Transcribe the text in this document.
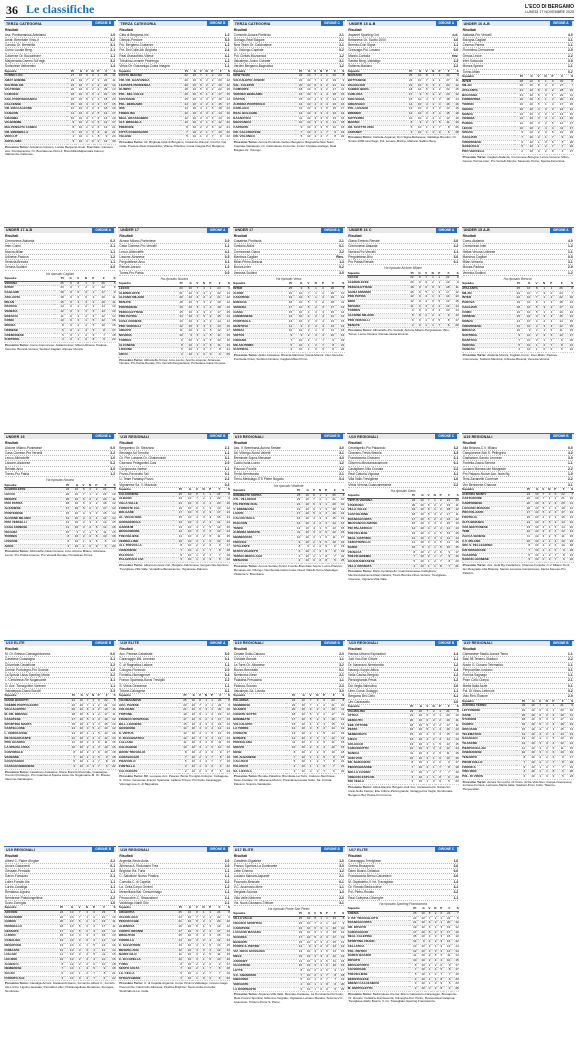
36 Le classifiche	L'ECO DI BERGAMO
LUNEDÌ 17 NOVEMBRE 2025
TERZA CATEGORIA	GIRONE B
Risultati
Ass. Pontiseranica-Antelamo	1-0
Amat. Brembate Vircu-it	5-2
Carvico Or. Brembilla	4-1
Curno Locate Berg.	2-1
Calcense Or. Boccaleone	1-1
Malpensata Cameo Sul'ragh	3-2
Sorisolese Valbrembo	1-4
Squadre	Pt	G	V	N	P	F	S
CURNO LOC.	27	10	9	0	1	25	11
AMAT. BREMB.	23	10	7	2	1	24	11
SOLTESE ER.	22	10	7	1	2	20	10
VALTRUBE	20	10	6	2	2	29	13
CARVICO	18	10	5	3	2	21	15
ASS. PONTISERANICA	16	10	5	1	4	18	20
CALCENSE	15	10	4	3	3	17	15
OR. BOCCALEONE	12	10	3	3	4	18	19
CANAVIN	11	10	3	2	5	14	17
GRAMMA	10	10	3	1	6	14	19
VALBREMB.	9	10	2	3	5	12	17
MALPENSATA CAMEO	8	10	2	2	6	13	21
OR. BREMBILLA	6	10	1	3	6	11	21
VIRCU-IT	4	10	1	1	8	9	24
ANTELAMO	3	10	1	0	9	12	30
Prossimo Turno: Antelamo-Carvico; Locate Bergamo-Amat. Brembate; Canavin-Ass. Pontiseranica; Or. Boccaleone-Vircu-it; Brembilla-Malpensata Cameo; Valbrembo-Calcense.
TERZA CATEGORIA	GIRONE B
Risultati
Città di Bergamo-Iris	1-2
Olimpic-Predore	5-3
Pol. Bergamo-Costanze	1-2
Pol. Del Colle-Alt. Brighela	2-4
Real Grassobbio-Villese	4-1
Tribulina-Levante Pedrenga	1-2
Virtus Or. Gazzaniga-Costa Imagna	1-1
Squadre	Pt	G	V	N	P	F	S
COSTA IMAGNA	22	10	7	1	2	24	11
VIR. OR. GAZZANIGA	20	10	6	2	2	20	12
LEVANTE PEDRENGA	20	10	6	2	2	19	12
OLIMPIC	18	10	5	3	2	22	15
POL. DEL COLLE	16	10	5	1	4	17	15
COSTANZE	15	10	4	3	3	16	14
POL. BERGAMO	14	10	4	2	4	15	17
IRIS	13	10	4	1	5	18	20
TRIBULINA	12	10	3	3	4	14	16
REAL GRASSOBBIO	12	10	3	3	4	13	15
ALT. BRIGHELA	10	10	3	1	6	12	20
PREDORE	8	10	2	2	6	12	21
CITTÀ DI BERGAMO	7	10	2	1	7	10	20
VILLESE	5	10	1	2	7	9	22
Prossimo Turno: Alt. Brighela-Città di Bergamo; Costanze-Olimpic; Iris-Pol. Del Colle; Predore-Real Grassobbio; Villese-Tribulina; Costa Imagna-Pol. Bergamo.
TERZA CATEGORIA	GIRONE C
Risultati
Comonte-Aurora Pontirolo	2-1
Gorlago-Real Bolgare	2-1
New Team-Or. Calcinatese	2-1
Or. Volongo-Capriate	0-2
Pol. Civitas-Mozzanica	1-2
Valcalepio-Junior Cividate	3-1
Verdeo Bergamo-Bagnatica	1-2
Squadre	Pt	G	V	N	P	F	S
NEW TEAM	23	10	7	2	1	20	8
VALCALEPIO JUNIOR	22	10	7	1	2	19	9
VAL. CALEPIO	20	10	6	2	2	21	12
COMONTE	18	10	5	3	2	17	11
VERDEO BERGAMO	16	10	5	1	4	18	15
CIVITAS	15	10	4	3	3	14	13
AURORA PONTIROLO	14	10	4	2	4	16	16
GORLAGO	13	10	4	1	5	15	17
REAL BOLGARE	12	10	3	3	4	12	14
BAGNATICA	11	10	3	2	5	13	16
MOZZANICA	10	10	3	1	6	11	18
CAPRIATE	9	10	2	3	5	10	16
OR. CALCINATESE	7	10	2	1	7	9	19
OR. VOLONGO	5	10	1	2	7	8	22
Prossimo Turno: Aurora Pontirolo-Verdeo Bergamo; Bagnatica-New Team; Capriate-Valcalepio; Or. Calcinatese-Comonte; Junior Cividate-Gorlago; Real Bolgare-Or. Volongo.
UNDER 15 A-B	GIRONE A
Risultati
Aspanet Sporting Out	n.d.
Bettanese-Or. Scotto 2000	4-0
Brembo-Don Signa	1-1
Grezzago-Pol. Lesano	0-0
Marzio-Carluda	rinv.
Sabbio Berg.-Valdaligo	2-3
Sotterra-Mariano	2-2
Squadre	Pt	G	V	N	P	F	S
MARIANO	25	10	8	1	1	30	9
BOTTANESE	23	10	7	2	1	27	11
VALDALIGO	21	10	6	3	1	24	12
SABBIO BERG.	18	10	5	3	2	22	15
CARLUDA	17	9	5	2	2	20	12
DON SIGNA	15	10	4	3	3	18	14
GREZZAGO	14	10	4	2	4	16	16
POL. LESANO	13	10	3	4	3	14	15
BREMBO	12	10	3	3	4	15	18
SOTTERRA	10	10	2	4	4	13	19
MARZIO	8	9	2	2	5	11	19
OR. SCOTTO 2000	5	10	1	2	7	8	26
ASPANET	3	10	1	0	9	6	28
Prossimo Turno: Carluda-Aspanet; Don Signa-Bettanese; Valdaligo-Brembo; Or. Scotto 2000-Grezzago; Pol. Lesano-Marzio; Mariano-Sabbio Berg.
UNDER 16 A-B	GIRONE A
Risultati
Atalanta-Pro Vercelli	4-0
Bologna-Cagliari	3-1
Cesena-Parma	1-1
Fiorentina-Cremonese	2-0
Genoa-Lecce	2-2
Inter-Sassuolo	3-0
Monza-Spezia	1-1
Torino-Milan	0-2
Squadre	Pt	G	V	N	P	F	S
INTER	28	10	9	1	0	30	6
MILAN	26	10	8	2	0	27	7
ATALANTA	24	10	8	0	2	28	10
BOLOGNA	21	10	6	3	1	22	11
FIORENTINA	19	10	6	1	3	20	13
TORINO	16	10	5	1	4	17	15
GENOA	15	10	4	3	3	16	14
MONZA	14	10	4	2	4	15	16
CESENA	12	10	3	3	4	13	16
PARMA	11	10	3	2	5	12	17
LECCE	10	10	2	4	4	11	17
SPEZIA	9	10	2	3	5	10	18
CAGLIARI	7	10	2	1	7	9	21
CREMONESE	6	10	1	3	6	8	20
SASSUOLO	5	10	1	2	7	7	22
PRO VERCELLI	2	10	0	2	8	4	27
Prossimo Turno: Cagliari-Atalanta; Cremonese-Bologna; Lecce-Cesena; Milan-Genoa; Parma-Inter; Pro Vercelli-Monza; Sassuolo-Torino; Spezia-Fiorentina.
UNDER 17 A-B	GIRONE A
Risultati
Cremonese-Atalanta	0-2
Inter-Como	2-1
Monza-Milan	1-1
Udinese-Padova	1-2
Venezia-Brescia	1-1
Verona-Sudtirol	4-0
Ha riposato Cagliari
Squadre	Pt	G	V	N	P	F	S
VERONA	25	9	8	1	0	26	5
INTER	23	9	7	2	0	22	6
CAGLIARI	18	9	5	3	1	17	9
ATALANTA	18	9	6	0	3	19	11
MILAN	15	9	4	3	2	16	11
PADOVA	14	9	4	2	3	14	13
VENEZIA	12	9	3	3	3	13	13
BRESCIA	11	9	3	2	4	12	14
COMO	10	9	3	1	5	12	16
MONZA	8	9	2	2	5	10	16
UDINESE	6	9	1	3	5	8	17
CREMONESE	5	9	1	2	6	7	18
SUDTIROL	3	9	1	0	8	5	22
Prossimo Turno: Como-Cremonese; Atalanta-Inter; Milan-Udinese; Padova-Venezia; Brescia-Verona; Sudtirol-Cagliari. Riposa: Monza.
UNDER 17	GIRONE A
Risultati
Alzano Milano-Pontedese	2-0
Casa Cionese-Pro Vercelli	1-1
Lecco-Albinoleffe	4-1
Lissone-Alzanese	0-3
Pergolettese-Arco	3-1
Renate-Arezzo	1-2
Torres-Pro Patria	0-0
Ha riposato Novara
Squadre	Pt	G	V	N	P	F	S
LECCO	23	10	7	2	1	24	9
ALBINOLEFFE	21	10	6	3	1	22	11
ALZANO MILANO	20	10	6	2	2	21	12
RENATE	18	10	5	3	2	19	12
PONTEDESE	16	10	5	1	4	18	16
PERGOLETTESE	15	10	4	3	3	17	15
PRO PATRIA	14	10	3	5	2	15	13
CASA CIONESE	13	10	3	4	3	14	14
PRO VERCELLI	12	10	3	3	4	13	15
AREZZO	11	10	3	2	5	12	17
NOVARA	10	9	3	1	5	11	15
TORRES	9	10	2	3	5	10	16
ALZANESE	8	10	2	2	6	11	19
LISSONE	5	10	1	2	7	8	21
ARCO	3	10	1	0	9	6	25
Prossimo Turno: Albinoleffe-Torres; Arco-Lecco; Arezzo-Lissone; Alzanese-Novara; Pro Patria-Renate; Pro Vercelli-Pergolettese; Pontedese-Casa Cionese.
UNDER 17	GIRONE A
Risultati
Casatese-Pontisola	2-1
Cimiano-Aldini	0-1
Cremonese-Giana	2-2
Mantova-Caglian	Rinv.
Milan Primo-Brescia	1-3
Monza-Inter	0-2
Venezia-Sudtirol	3-0
Ha riposato Virtus
Squadre	Pt	G	V	N	P	F	S
INTER	25	9	8	1	0	26	5
ALDINI	22	10	7	1	2	20	10
CASATESE	19	10	6	1	3	19	12
BRESCIA	18	10	5	3	2	18	11
VENEZIA	17	10	5	2	3	17	12
GIANA	15	10	4	3	3	15	14
CREMONESE	14	10	4	2	4	14	14
PONTISOLA	12	10	3	3	4	13	15
MANTOVA	11	9	3	2	4	12	14
MONZA	10	10	3	1	6	11	16
VIRTUS	9	9	2	3	4	10	14
CIMIANO	7	10	2	1	7	9	19
MILAN PRIMO	5	10	1	2	7	8	21
SUDTIROL	3	10	1	0	9	6	24
Prossimo Turno: Aldini-Casatese; Brescia-Mantova; Giana-Monza; Inter-Venezia; Pontisola-Virtus; Sudtirol-Cimiano; Caglian-Milan Primo.
UNDER 16 C	GIRONE A
Risultati
Giana Erminio-Renate	3-0
Cremonese-Atalanta	2-2
Novara-Pro Vercelli	2-1
Pergolettese-Brio	3-0
Pro Patria-Renate	0-1
Ha riposato Alcione Milano
Squadre	Pt	G	V	N	P	F	S
LECCO	22	9	7	1	1	22	8
ALBINOLEFFE	20	9	6	2	1	19	9
PERGOLETTESE	18	9	6	0	3	18	11
GIANA ERMINIO	16	9	5	1	3	17	12
PRO PATRIA	13	9	4	1	4	14	13
BRIO	12	9	4	0	5	13	15
NOVARA	11	9	3	2	4	12	14
TORRES	9	9	2	3	4	10	14
ALCIONE MILANO	8	8	2	2	4	9	13
PRO VERCELLI	6	9	1	3	5	8	17
RENATE	4	9	1	1	7	6	20
Prossimo Turno: Albinoleffe-Pro Vercelli; Alcione Milano-Pergolettese; Brio-Torres; Lecco-Novara; Renate-Giana Erminio.
UNDER 15 A-B	GIRONE A
Risultati
Como-Atalanta	4-0
Cremonese-Inter	1-2
Hellas Verona-Udinese	1-1
Mantova-Cagliari	0-0
Milan-Venezia	3-1
Monza-Padova	2-0
Venezia-Sudtirol	1-2
Ha riposato Brescia
Squadre	Pt	G	V	N	P	F	S
ATALANTA	25	10	8	1	1	26	8
MILAN	24	10	7	3	0	24	7
INTER	22	10	7	1	2	22	10
PADOVA	19	10	6	1	3	18	12
CAGLIARI	18	10	5	3	2	17	11
COMO	16	10	5	1	4	16	14
UDINESE	15	10	4	3	3	15	13
MONZA	14	10	4	2	4	14	15
CREMONESE	12	10	3	3	4	12	15
BRESCIA	10	9	3	1	5	11	15
SUDTIROL	9	10	2	3	5	10	17
MANTOVA	7	10	2	1	7	9	20
VERONA	5	10	1	2	7	8	21
VENEZIA	3	10	1	0	9	6	24
Prossimo Turno: Atalanta-Monza; Cagliari-Como; Inter-Milan; Padova-Cremonese; Sudtirol-Mantova; Udinese-Brescia; Venezia-Verona.
UNDER 15	GIRONE A
Risultati
Alcione Milano-Pontedese	0-0
Casa Cionese-Pro Vercelli	2-2
Lecco-Albinoleffe	1-0
Lissone-Alzanese	0-2
Renate-Arco	3-0
Torres-Pro Patria	1-2
Ha riposato Novara
Squadre	Pt	G	V	N	P	F	S
ALBINOLEFFE	24	10	8	0	2	24	9
LECCO	22	10	7	1	2	22	10
RENATE	20	10	6	2	2	20	11
PRO PATRIA	18	10	5	3	2	18	12
ALZANESE	17	10	5	2	3	17	13
PONTEDESE	15	10	4	3	3	15	13
ALCIONE MILANO	14	10	4	2	4	14	14
PRO VERCELLI	12	10	3	3	4	13	15
CASA CIONESE	11	10	3	2	5	12	16
NOVARA	10	9	3	1	5	11	15
TORRES	8	10	2	2	6	10	18
LISSONE	6	10	1	3	6	8	19
ARCO	3	10	1	0	9	6	24
Prossimo Turno: Albinoleffe-Casa Cionese; Arco-Alcione Milano; Alzanese-Lecco; Pro Patria-Lissone; Pro Vercelli-Renate; Pontedese-Torres.
U15 REGIONALI	GIRONE B
Risultati
Bergamino Or. Stezzano	2-1
Besnago Ad Trevolla	1-1
Or. Pier Luisane-Or. Ghalaroniati	3-1
Ciserano Pelagantini-Casi	2-0
Gorgonzola-Varese	1-1
Pozzo-Pavorotto Tali	0-1
U. Team Fantasy-Pozzo	2-2
Vignanese Sa. V. Mazzola	0-4
Squadre	Pt	G	V	N	P	F	S
CALCIONESE	25	10	8	1	1	24	8
ALBANO	23	10	7	2	1	22	9
VILLA VALLE	21	10	6	3	1	20	10
FORESTE CAL.	19	10	6	1	3	19	12
BOLGARE	17	10	5	2	3	17	13
AL. VEGIA NOD.	15	10	4	3	3	15	13
GORGONZOLA	14	10	4	2	4	14	14
GARNIUM	13	10	4	1	5	13	15
BESSANENSE	12	10	3	3	4	12	14
TREVIGLIESE	11	10	3	2	5	11	15
VERDELLINO	10	10	3	1	6	10	16
ALL TREVOLLA	8	10	2	2	6	9	17
VIGNANESE	7	10	2	1	7	8	18
PALOSCO	5	10	1	2	7	7	19
PALAZZOLO LIVI	3	10	1	0	9	6	22
Prossimo Turno: Albano-Foreste Cal.; Bolgare-Calcionese; Gorgonzola-Garnium; Trevigliese-Villa Valle; Verdellino-Bessanense; Vignanese-Palosco.
U19 REGIONALI	GIRONE B
Risultati
Ass. V. Brembana-Aurora Seriate	3-0
Atl. Villongo-Nuovi Valretti	3-1
Brembate Sopra-Menasse	4-0
Calcio Isola-Luzzo	1-2
Piaccon-Fnocile	3-2
Tenisi-Nemborata	2-1
Terno-Medolago-ITS Pietre Nugolio	0-4
Ha riposato Vitalente
Squadre	Pt	G	V	N	P	F	S
BREMBATE SOPRA	25	10	8	1	1	25	8
ATL. VILLONGO	23	10	7	2	1	21	10
ITS PIETRE NUG.	21	10	6	3	1	20	10
V. BREMBANA	19	10	6	1	3	18	12
LUZZO	17	10	5	2	3	16	12
CALCIO ISOLA	15	10	4	3	3	15	13
PIACCON	14	10	4	2	4	14	14
TENISI	13	10	4	1	5	13	15
AURORA SERIATE	11	10	3	2	5	12	16
NEMBORATA	10	10	3	1	6	11	17
FNOCILE	9	10	2	3	5	10	16
VITALENTE	8	9	2	2	5	9	15
NUOVI VALRETTI	6	10	1	3	6	8	19
TERNO MEDOLAGO	4	10	1	1	8	7	22
MENASSE	2	10	0	2	8	5	25
Prossimo Turno: Aurora Seriate-Tenisi; Fnocile-Brembate Sopra; Luzzo-Piaccon; Menasse-Atl. Villongo; Nemborata-Calcio Isola; Nuovi Valretti-Terno Medolago; Vitalente-V. Brembana.
U19 REGIONALI	GIRONE C
Risultati
Ceratispello-Pio Palazzolo	3-2
Ciserano-Trevis Bremia	3-3
Franciacorta-Ciserano	2-1
Ciliverno-Mezzanzacamune	0-1
Castiglione-Villa Cronata	2-2
Real Ciatoria-Vignaca	3-1
Villa Valle-Trevigliese	1-0
Virtus Verona-Guanzanessese	2-2
Ha riposato Dario
Squadre	Pt	G	V	N	P	F	S
VIRTUS VERONA	22	10	7	1	2	21	10
CISERANO	20	10	6	2	2	19	11
VILLA VALLE	19	10	6	1	3	18	12
CASTIGLIONE	18	10	5	3	2	17	11
FRANCIACORTA	17	10	5	2	3	16	12
MEZZANZACAMUNE	15	10	4	3	3	15	13
PIO PALAZZOLO	14	10	4	2	4	14	14
TREVIGLIESE	13	10	4	1	5	13	15
REAL CIATORIA	12	10	3	3	4	12	14
CERATISPELLO	11	10	3	2	5	11	15
DARIO	10	9	3	1	5	10	15
VIGNACA	8	10	2	2	6	9	17
TREVIS BREMIA	7	10	2	1	7	9	19
GUANZANESSESE	5	10	1	2	7	8	20
VILLA CRONATA	4	10	1	1	8	7	21
Prossimo Turno: Dario-Ceratispello; Guanzanessese-Castiglione; Mezzanzacamune-Real Ciatoria; Trevis Bremia-Virtus Verona; Trevigliese-Ciserano; Vignaca-Villa Valle.
U19 REGIONALI	GIRONE B
Risultati
Alta Brianza-C.V. Milano	0-0
Campionese-Sdc S. Pellegrino	4-2
Castiadore-Sancio Leonese	3-0
Fontelia-Zacca Senese	1-1
Luciano Manara-Ian Mosgrade	2-2
Pro Palazzo-Nuove Acc. Isola Bg	1-0
Temi-Zavanelle Correnze	2-2
Vox Bertonese-Charose	3-1
Squadre	Pt	G	V	N	P	F	S
AURORA MONTI	24	10	7	3	0	22	7
CASTIADORE	22	10	7	1	2	21	10
CAMPIONESE	20	10	6	2	2	20	11
LUCIANO MANARA	18	10	5	3	2	18	12
PRO PALAZZO	17	10	5	2	3	17	13
FONTELIA	15	10	4	3	3	15	13
ALTA BRIANZA	14	10	3	5	2	14	12
VOX BERTONESE	13	10	4	1	5	14	16
TEMI	12	10	3	3	4	12	14
ZACCA SENESE	11	10	3	2	5	11	15
C.V. MILANO	10	10	2	4	4	10	15
SDC S. PELLEGRINO	8	10	2	2	6	10	18
IAN MOSGRADE	7	10	1	4	5	9	18
CHAROSE	5	10	1	2	7	8	21
SANCIO LEONESE	3	10	0	3	7	6	22
Prossimo Turno: Ass. Isola Bg-Castiadore; Charose-Fontelia; C.V. Milano-Temi; Ian Mosgrade-Alta Brianza; Sancio Leonese-Campionese; Zacca Senese-Pro Palazzo.
U19 ELITE	GIRONE B
Risultati
M. Or. Bresso-Cassagobbonese	0-0
Casatese-Guastagno	2-1
Chivoriale-Castellone	2-2
Cremin Portolegro-Pro Guarda	1-2
La Spezia Lissa-Sporting Marta	2-2
L. Ceriolesse-Re Nugaruante	3-1
O. Ave. Tornagobbe-Varenne	1-1
Valcaleppio-Diano Borotti	2-3
Squadre	Pt	G	V	N	P	F	S
DIANO BOROTTI	24	10	7	3	0	22	8
CREMIN PORTOLEGRO	22	10	7	1	2	21	10
VALCALEPPIO	20	10	6	2	2	19	11
M. OR. BRESSO	18	10	5	3	2	17	11
CASATESE	17	10	5	2	3	16	12
SPORTING MARTA	15	10	4	3	3	15	13
CASTELLONE	14	10	3	5	2	14	12
L. CERIOLESSE	13	10	4	1	5	14	16
RE NUGARUANTE	12	10	3	3	4	12	14
PRO GUARDA	11	10	3	2	5	11	15
LA SPEZIA LISSA	10	10	2	4	4	10	15
CHIVORIALE	8	10	2	2	6	10	18
VARENNE	7	10	1	4	5	9	18
GUASTAGNO	5	10	1	2	7	8	21
CASSAGOBBONESE	3	10	0	3	7	6	22
Prossimo Turno: Castellone-Casatese; Diano Borotti-Chivoriale; Guastagno-Cremin Portolegro; Pro Guarda-La Spezia Lissa; Re Nugaruante-M. Or. Bresso; Varenne-Valcaleppio.
U19 ELITE	GIRONE A
Risultati
Acc. Pavese-Calvairate	3-0
Caravaggio-Bill. Leonese	0-1
C. di Bagnatica-Lallana	1-1
Cologno-Pozzuolo	2-0
Fontella-Vilomagnove	0-4
Franco Spartana-Bonsi Trevigliò	2-2
S. Virtus-Gessense	1-1
Tritone-Calvagese	3-1
Squadre	Pt	G	V	N	P	F	S
VILOMAGNOVE	25	10	8	1	1	26	8
ACC. PAVESE	23	10	7	2	1	22	9
COLOGNO	21	10	6	3	1	20	10
TRITONE	19	10	6	1	3	19	12
FRANCO SPARTANA	17	10	5	2	3	17	13
BILL. LEONESE	15	10	4	3	3	15	13
GESSENSE	14	10	4	2	4	14	14
S. VIRTUS	13	10	4	1	5	13	15
C. DI BAGNATICA	12	10	3	3	4	12	14
LALLANA	11	10	3	2	5	11	15
CALVAGESE	10	10	3	1	6	10	16
BONSI TREVIGLIÒ	8	10	2	2	6	9	17
CARAVAGGIO	7	10	2	1	7	8	18
POZZUOLO	5	10	1	2	7	7	19
FONTELLA	3	10	1	0	9	6	22
CALVAIRATE	2	10	0	2	8	5	24
Prossimo Turno: Bill. Leonese-Acc. Pavese; Bonsi Trevigliò-Cologno; Calvagese-S. Virtus; Gessense-Franco Spartana; Lallana-Tritone; Pozzuolo-Caravaggio; Vilomagnove-C. di Bagnatica.
U19 REGIONALI	GIRONE B
Risultati
Cenate Sotto-Calusco	2-0
Cividate-Bonate	1-1
La Torre-Or. Albanese	3-2
Mozzo-Brembate	0-1
Nembrese-Nese	2-1
Paladina-Presolana	1-1
Palosco-Scanzo	2-3
Valcalepio-Sa. Lizzola	3-0
Squadre	Pt	G	V	N	P	F	S
PALADINA	24	10	7	3	0	23	8
NEMBRESE	22	10	7	1	2	21	10
SCANZO	20	10	6	2	2	19	11
CENATE SOTTO	18	10	5	3	2	17	11
BREMBATE	17	10	5	2	3	16	12
VALCALEPIO	15	10	4	3	3	15	13
LA TORRE	14	10	3	5	2	14	12
CIVIDATE	13	10	4	1	5	14	16
BONATE	12	10	3	3	4	12	14
PRESOLANA	11	10	3	2	5	11	15
MOZZO	10	10	2	4	4	10	15
NESE	8	10	2	2	6	10	18
OR. ALBANESE	7	10	1	4	5	9	18
CALUSCO	5	10	1	2	7	8	21
PALOSCO	4	10	1	1	8	7	21
SA. LIZZOLA	3	10	0	3	7	6	22
Prossimo Turno: Bonate-Paladina; Brembate-La Torre; Calusco-Nembrese; Nese-Cividate; Or. Albanese-Mozzo; Presolana-Cenate Sotto; Sa. Lizzola-Palosco; Scanzo-Valcalepio.
U19 REGIONALI	GIRONE B
Risultati
Ranica-Urbano Esploratori	1-4
Jodi Voo-Ebe Cittore	1-1
Dr. Naranzzo-Nemborata	1-2
Naranjo Soppo-Attica	1-4
Nolla Casino-Berguto	1-2
Pierzogrande-Pesta	1-2
Doi Vegla-Valmulina	2-0
Unrn-Corse-Gulaggo	1-1
Bergamo Bel-Cielo	4-1
Unr-Carassotto	3-0
Squadre	Pt	G	V	N	P	F	S
VALMULINA	23	10	7	2	1	21	9
ATTICA	21	10	6	3	1	20	10
BERGUTO	20	10	6	2	2	19	11
EBE CITTORE	18	10	5	3	2	17	11
PESTA	16	10	5	1	4	16	13
NEMBORATA	15	10	4	3	3	15	13
CIELO	14	10	4	2	4	14	14
GULAGGO	13	10	4	1	5	13	15
CARASSOTTO	12	10	3	3	4	12	14
RANICA	11	10	3	2	5	11	15
JODI VOO	10	10	3	1	6	10	16
DR. NARANZZO	8	10	2	2	6	9	17
PIERZOGRANDE	7	10	2	1	7	8	18
NOLLA CASINO	5	10	1	2	7	7	19
URBANO ESPLOR.	4	10	1	1	8	6	20
DOI VEGLA	3	10	1	0	9	5	23
Prossimo Turno: Attica-Ranica; Berguto-Jodi Voo; Carassotto-Dr. Naranzzo; Cielo-Nolla Casino; Ebe Cittore-Pierzogrande; Gulaggo-Doi Vegla; Nemborata-Bergamo Bel; Pesta-Unrn-Corse.
U19 REGIONALI	GIRONE B
Risultati
Ciseranese Stadio-Aurora Terno	1-1
Bas/ 98 Tenarro-Stadioni	2-2
Nuoto G. Cusano Telematico	1-1
Pierpocellan-Iorciano	3-1
Fornica Sagnago	1-1
Prom Collo Ciarpa	2-1
Martis Italia Azzie	0-1
Pol. Di Vinus-Lettrnore	0-2
Vidu Ren-Tilascre	2-0
Squadre	Pt	G	V	N	P	F	S
AURORA TERNO	23	10	7	2	1	21	9
LETTRNORE	21	10	6	3	1	20	10
AZZIE	20	10	6	2	2	19	11
STADIONI	18	10	5	3	2	17	11
CIARPA	16	10	5	1	4	16	13
IORCIANO	15	10	4	3	3	15	13
TELEMATICO	14	10	4	2	4	14	14
SAGNAGO	13	10	4	1	5	13	15
TILASCRE	12	10	3	3	4	12	14
PIERPOCELLAN	11	10	3	2	5	11	15
CISERANESE	10	10	3	1	6	10	16
TENARRO	8	10	2	2	6	9	17
PROM COLLO	7	10	2	1	7	8	18
FORNICA	5	10	1	2	7	7	19
VIDU REN	4	10	1	1	8	6	20
POL. DI VINUS	3	10	1	0	9	5	23
Prossimo Turno: Aurora Terno-Pol. Di Vinus; Azzie-Vidu Ren; Ciarpa-Ciseranese; Iorciano-Fornica; Lettrnore-Martis Italia; Stadioni-Prom Collo; Tilascre-Pierpocellan.
U19 REGIONALI	GIRONE B
Risultati
Albesi C. Padre d'Ingise	2-2
Arcore-Dadaverdi	0-1
Gessate-Perniallo	1-2
Garon-Fomazzo	2-1
Loller-Fonsito Ale	1-1
Lurzio-Canaliga	1-1
Renatoso-Liguino	1-1
Nembrese Pratolungellese	2-2
Sclzo Zonngas	1-0
Squadre	Pt	G	V	N	P	F	S
ARCORE	24	10	7	3	0	23	8
DADAVERDI	22	10	7	1	2	21	10
GARON	20	10	6	2	2	19	11
PERNIALLO	18	10	5	3	2	17	11
GESSATE	17	10	5	2	3	16	12
LURZIO	15	10	4	3	3	15	13
CANALIGA	14	10	3	5	2	14	12
RENATOSO	13	10	4	1	5	14	16
FOMAZZO	12	10	3	3	4	12	14
LOLLER	11	10	3	2	5	11	15
LIGUINO	10	10	2	4	4	10	15
ALBESI C.	8	10	2	2	6	10	18
NEMBRESE	7	10	1	4	5	9	18
SCLZO	5	10	1	2	7	8	21
FONSITO ALE	3	10	0	3	7	6	22
Prossimo Turno: Canaliga-Arcore; Dadaverdi-Garon; Fomazzo-Albesi C.; Fonsito Ale-Lurzio; Liguino-Gessate; Perniallo-Loller; Pratolungellese-Renatoso; Zonngas-Nembrese.
U19 REGIONALI	GIRONE B
Risultati
Argentia-Sesto Aulta	2-0
Albinosa A. Rodunano Trea	2-0
Brighton Ra. Turia	1-1
C. Salvatore Nuovo Piratica	1-1
Comolla-C. di Capella	2-2
La. Cella-Corpo Orvinni	1-2
Mesmillana Bal. Cresommago	1-1
Pescocchie-C. Strazzaboni	2-1
Valdolago-Nardi Gilo	2-1
Squadre	Pt	G	V	N	P	F	S
ARGENTIA	25	10	8	1	1	24	8
VALDOLAGO	23	10	7	2	1	22	9
PESCOCCHIE	21	10	6	3	1	20	10
ALBINOSA	19	10	6	1	3	19	12
CORPO ORVINNI	17	10	5	2	3	17	13
BRIGHTON	15	10	4	3	3	15	13
COMOLLA	14	10	4	2	4	14	14
C. SALVATORE	13	10	4	1	5	13	15
MESMILLANA	12	10	3	3	4	12	14
NARDI GILO	11	10	3	2	5	11	15
C. DI CAPELLA	10	10	3	1	6	10	16
TURIA	8	10	2	2	6	9	17
SESTO AULTA	7	10	2	1	7	8	18
LA. CELLA	5	10	1	2	7	7	19
STRAZZABONI	3	10	1	0	9	6	22
Prossimo Turno: C. di Capella-Argentia; Corpo Orvinni-Valdolago; Cresommago-Pescocchie; Nardi Gilo-Albinosa; Piratica-Brighton; Sesto Aulta-Comolla; Strazzaboni-La. Cella.
U17 ELITE	GIRONE B
Risultati
Caratese-Olgiatese	1-0
Franco Sportiva-La Dominante	3-0
Lette Cinema	1-2
Luciano Manara-Aspanet	2-1
Pozzuolo-Besnate	0-1
V.C. Anamosio-Mele	1-1
Vergiate-Sciorza	1-3
Villa Valle-Nibionno	2-0
Viz. Nova Giussano-Trittium	3-1
Ha riposato Ponte San Pietro
Squadre	Pt	G	V	N	P	F	S
VILLA VALLE	25	10	8	1	1	24	8
FRANCO SPORTIVA	23	10	7	2	1	22	9
CARATESE	21	10	6	3	1	20	10
LUCIANO MANARA	19	10	6	1	3	19	12
SCIORZA	17	10	5	2	3	17	13
BESNATE	15	10	4	3	3	15	13
PONTE S. PIETRO	14	9	4	2	3	14	12
VIZ. NOVA GIUSSANO	13	10	4	1	5	13	15
MELE	12	10	3	3	4	12	14
ASPANET	11	10	3	2	5	11	15
OLGIATESE	10	10	3	1	6	10	16
LETTE	8	10	2	2	6	9	17
V.C. ANAMOSIO	7	10	2	1	7	8	18
NIBIONNO	5	10	1	2	7	7	19
VERGIATE	4	10	1	1	8	6	20
LA DOMINANTE	3	10	1	0	9	5	23
Prossimo Turno: Aspanet-Villa Valle; Besnate-Caratese; La Dominante-Pozzuolo; Mele-Franco Sportiva; Nibionno-Vergiate; Olgiatese-Luciano Manara; Sciorza-V.C. Anamosio; Trittium-Ponte S. Pietro.
U17 ELITE	GIRONE C
Risultati
Caravaggio-Trevigliese	1-0
Crema-Brusaporto	2-0
Darfo Boario-Cellatica	0-0
Franciacorta-Breno Calcesiero	2-0
M. Ospitaletto-V. Ist. Travagliato	1-4
Or. Rovato-Bedizzolese	3-1
Pol. Pietro-Rovato	2-2
Real Calepina-Ciliverghe	1-1
Ha riposato Sporting Franciacorta
Squadre	Pt	G	V	N	P	F	S
CREMA	26	10	8	2	0	24	7
V. IST. TRAVAGLIATO	23	10	7	2	1	22	9
FRANCIACORTA	21	10	6	3	1	20	10
OR. ROVATO	19	10	6	1	3	19	12
CARAVAGGIO	17	10	5	2	3	17	13
REAL CALEPINA	15	10	4	3	3	15	13
SPORTING FRANC.	14	9	4	2	3	14	12
CELLATICA	13	10	3	4	3	13	14
POL. PIETRO	12	10	3	3	4	12	14
DARFO BOARIO	11	10	2	5	3	11	14
ROVATO	10	10	2	4	4	10	15
BRUSAPORTO	8	10	2	2	6	9	17
CILIVERGHE	7	10	1	4	5	8	17
TREVIGLIESE	5	10	1	2	7	7	19
BEDIZZOLESE	4	10	1	1	8	6	20
BRENO CALCESIERO	3	10	1	0	9	5	23
M. OSPITALETTO	2	10	0	2	8	4	25
Prossimo Turno: Bedizzolese-Crema; Breno Calcesiero-Caravaggio; Brusaporto-Or. Rovato; Cellatica-Franciacorta; Ciliverghe-Pol. Pietro; Rovato-Real Calepina; Trevigliese-Darfo Boario; V. Ist. Travagliato-Sporting Franciacorta.
